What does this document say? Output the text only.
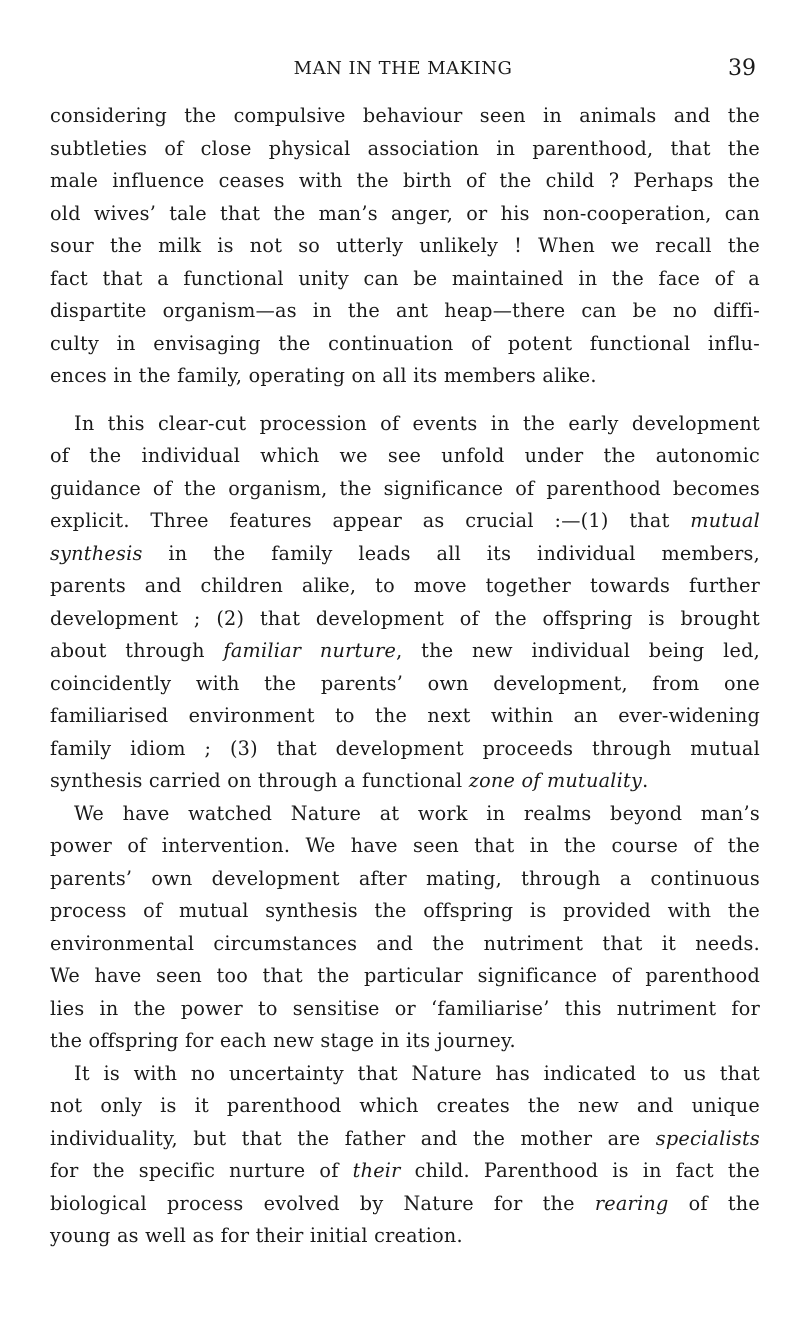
MAN IN THE MAKING	39
considering the compulsive behaviour seen in animals and the
subtleties of close physical association in parenthood, that the
male influence ceases with the birth of the child ? Perhaps the
old wives’ tale that the man’s anger, or his non-cooperation, can
sour the milk is not so utterly unlikely ! When we recall the
fact that a functional unity can be maintained in the face of a
dispartite organism—as in the ant heap—there can be no diffi-
culty in envisaging the continuation of potent functional influ-
ences in the family, operating on all its members alike.
In this clear-cut procession of events in the early development
of the individual which we see unfold under the autonomic
guidance of the organism, the significance of parenthood becomes
explicit. Three features appear as crucial :—(1) that mutual
synthesis in the family leads all its individual members,
parents and children alike, to move together towards further
development ; (2) that development of the offspring is brought
about through familiar nurture, the new individual being led,
coincidently with the parents’ own development, from one
familiarised environment to the next within an ever-widening
family idiom ; (3) that development proceeds through mutual
synthesis carried on through a functional zone of mutuality.
We have watched Nature at work in realms beyond man’s
power of intervention. We have seen that in the course of the
parents’ own development after mating, through a continuous
process of mutual synthesis the offspring is provided with the
environmental circumstances and the nutriment that it needs.
We have seen too that the particular significance of parenthood
lies in the power to sensitise or ‘familiarise’ this nutriment for
the offspring for each new stage in its journey.
It is with no uncertainty that Nature has indicated to us that
not only is it parenthood which creates the new and unique
individuality, but that the father and the mother are specialists
for the specific nurture of their child. Parenthood is in fact the
biological process evolved by Nature for the rearing of the
young as well as for their initial creation.
